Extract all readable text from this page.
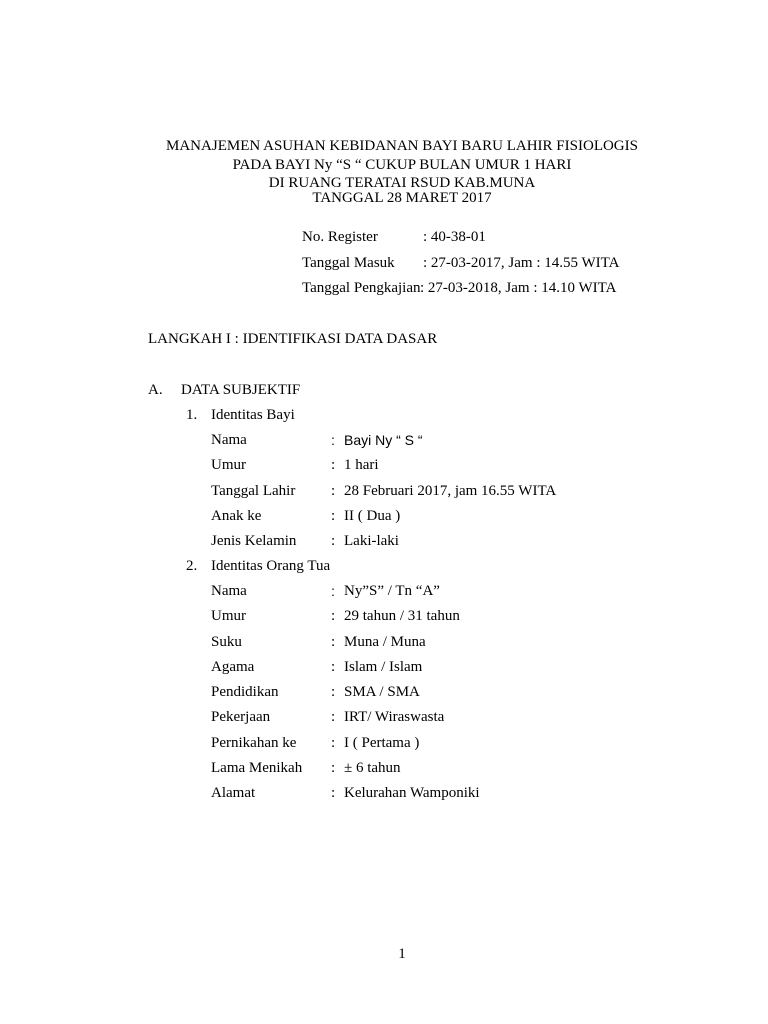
MANAJEMEN ASUHAN KEBIDANAN BAYI BARU LAHIR FISIOLOGIS
PADA BAYI Ny “S “ CUKUP BULAN UMUR 1 HARI
DI RUANG TERATAI RSUD KAB.MUNA
TANGGAL 28 MARET 2017
No. Register	: 40-38-01
Tanggal Masuk : 27-03-2017, Jam : 14.55 WITA
Tanggal Pengkajian : 27-03-2018, Jam : 14.10 WITA
LANGKAH I : IDENTIFIKASI DATA DASAR
A. DATA SUBJEKTIF
1. Identitas Bayi
Nama	: Bayi Ny “ S “
Umur	: 1 hari
Tanggal Lahir : 28 Februari 2017, jam 16.55 WITA
Anak ke	: II ( Dua )
Jenis Kelamin : Laki-laki
2. Identitas Orang Tua
Nama	: Ny”S” / Tn “A”
Umur	: 29 tahun / 31 tahun
Suku	: Muna / Muna
Agama	: Islam / Islam
Pendidikan	: SMA / SMA
Pekerjaan	: IRT/ Wiraswasta
Pernikahan ke : I ( Pertama )
Lama Menikah : ± 6 tahun
Alamat	: Kelurahan Wamponiki
1
